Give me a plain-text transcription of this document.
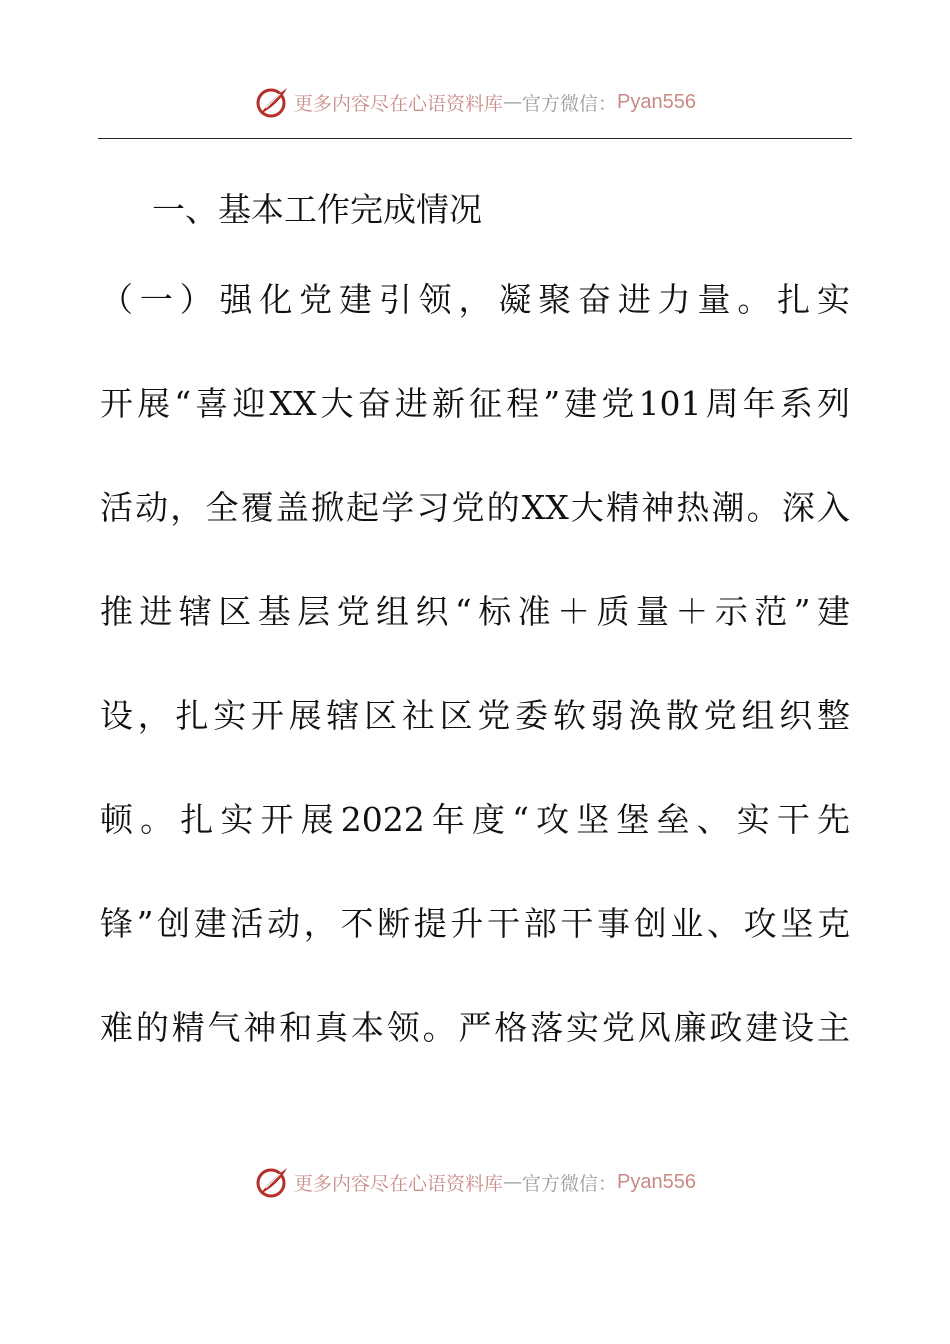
更多内容尽在心语资料库 — 官方微信： Pyan556
一、基本工作完成情况
（一）强化党建引领，凝聚奋进力量。扎实
开展“喜迎XX大奋进新征程”建党101周年系列
活动，全覆盖掀起学习党的XX大精神热潮。深入
推进辖区基层党组织“标准＋质量＋示范”建
设，扎实开展辖区社区党委软弱涣散党组织整
顿。扎实开展2022年度“攻坚堡垒、实干先
锋”创建活动，不断提升干部干事创业、攻坚克
难的精气神和真本领。严格落实党风廉政建设主
更多内容尽在心语资料库 — 官方微信： Pyan556
